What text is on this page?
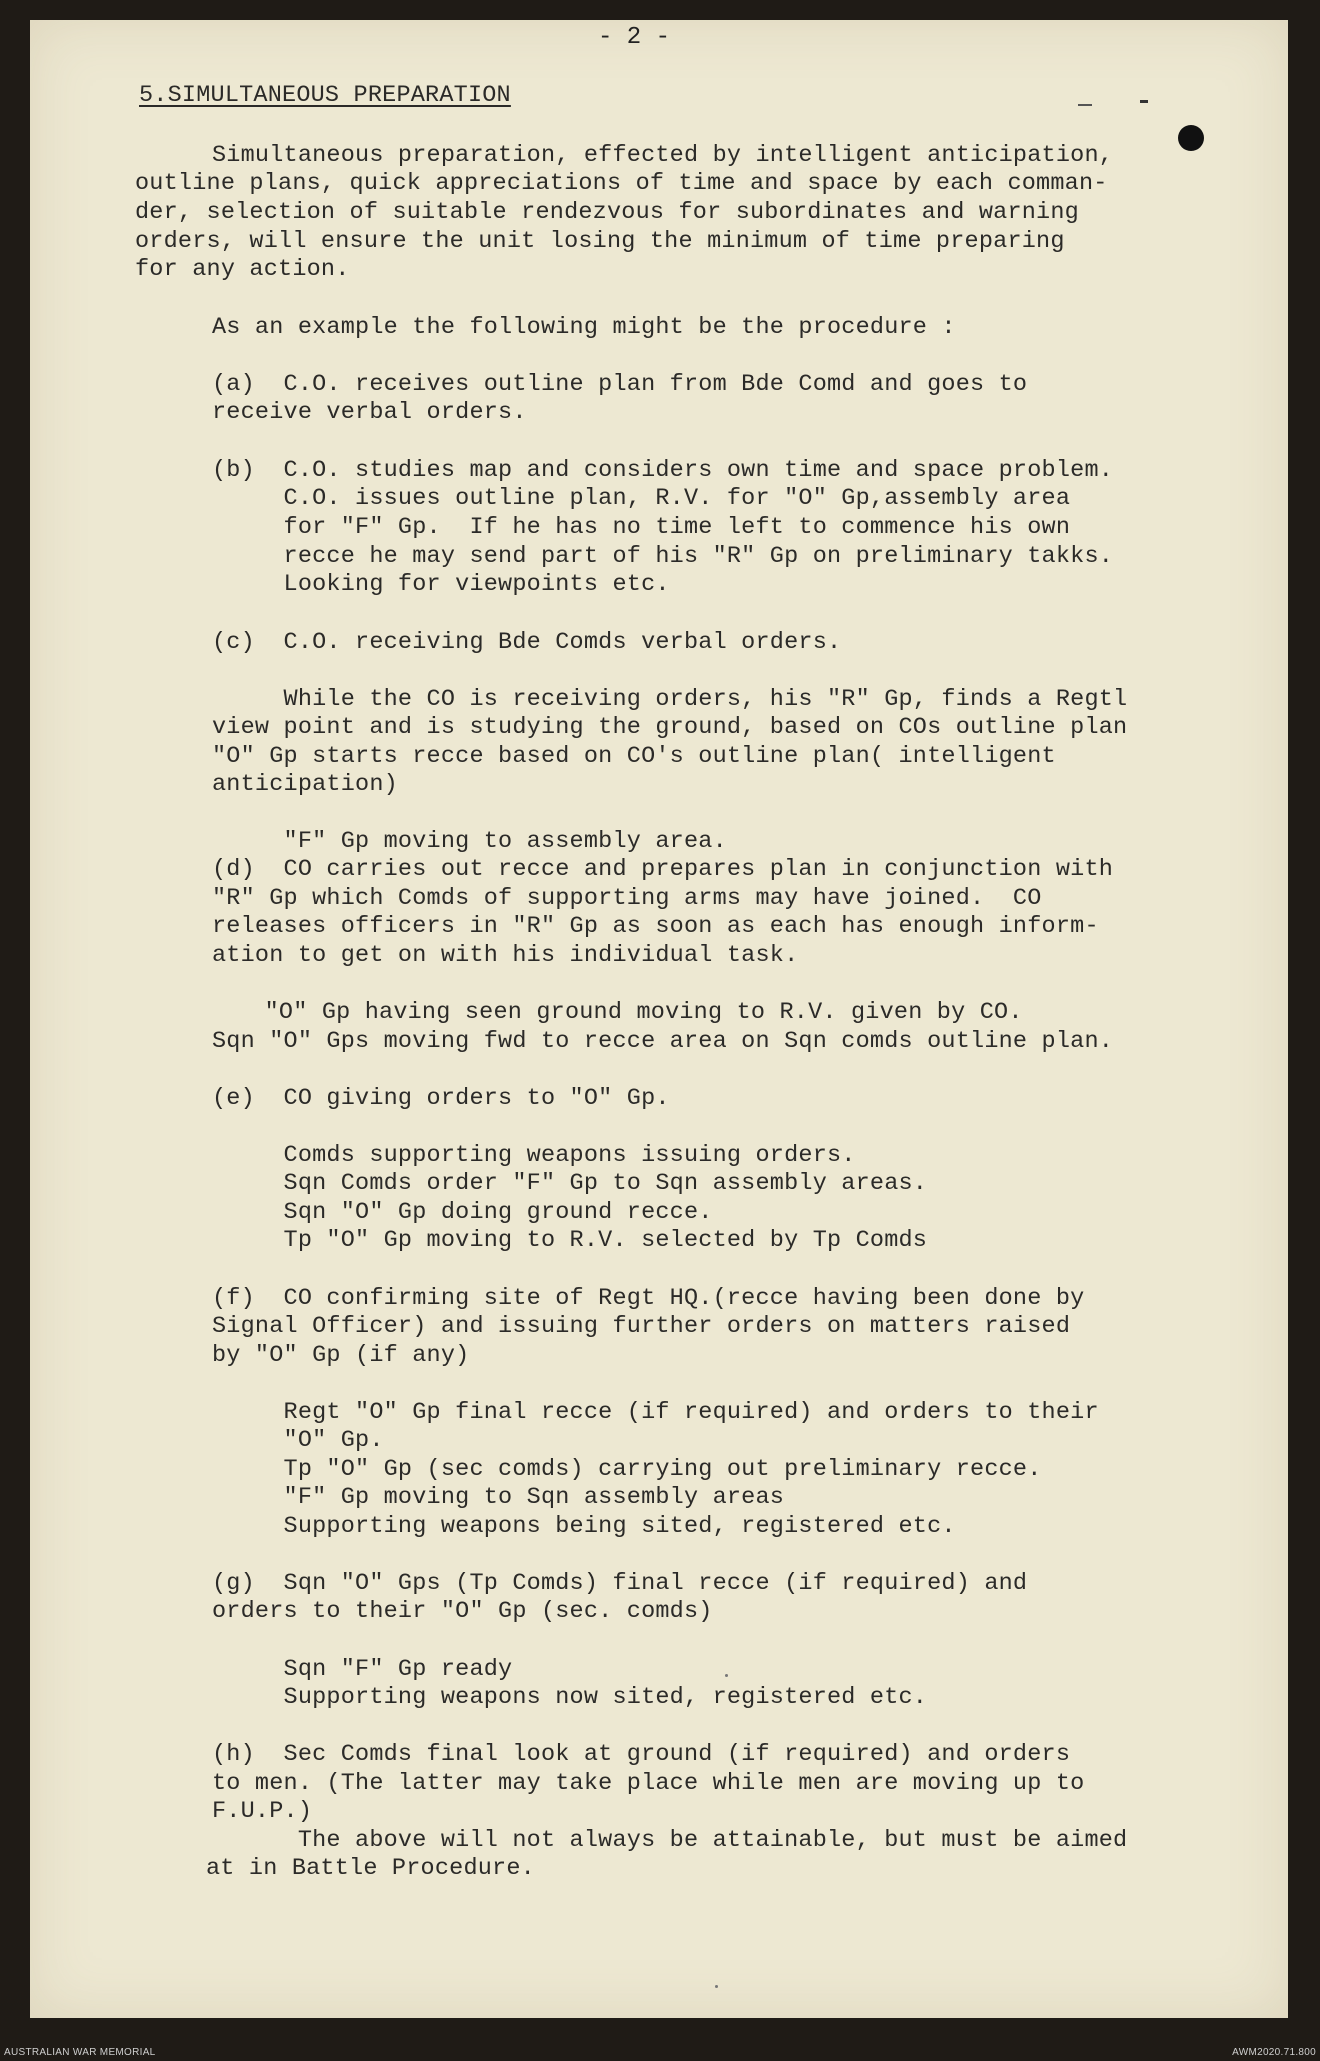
- 2 -
5.SIMULTANEOUS PREPARATION
Simultaneous preparation, effected by intelligent anticipation,
outline plans, quick appreciations of time and space by each comman-
der, selection of suitable rendezvous for subordinates and warning
orders, will ensure the unit losing the minimum of time preparing
for any action.
As an example the following might be the procedure :
(a)  C.O. receives outline plan from Bde Comd and goes to
receive verbal orders.
(b)  C.O. studies map and considers own time and space problem.
C.O. issues outline plan, R.V. for "O" Gp,assembly area
for "F" Gp.  If he has no time left to commence his own
recce he may send part of his "R" Gp on preliminary takks.
Looking for viewpoints etc.
(c)  C.O. receiving Bde Comds verbal orders.
While the CO is receiving orders, his "R" Gp, finds a Regtl
view point and is studying the ground, based on COs outline plan
"O" Gp starts recce based on CO's outline plan( intelligent
anticipation)
"F" Gp moving to assembly area.
(d)  CO carries out recce and prepares plan in conjunction with
"R" Gp which Comds of supporting arms may have joined.  CO
releases officers in "R" Gp as soon as each has enough inform-
ation to get on with his individual task.
"O" Gp having seen ground moving to R.V. given by CO.
Sqn "O" Gps moving fwd to recce area on Sqn comds outline plan.
(e)  CO giving orders to "O" Gp.
Comds supporting weapons issuing orders.
Sqn Comds order "F" Gp to Sqn assembly areas.
Sqn "O" Gp doing ground recce.
Tp "O" Gp moving to R.V. selected by Tp Comds
(f)  CO confirming site of Regt HQ.(recce having been done by
Signal Officer) and issuing further orders on matters raised
by "O" Gp (if any)
Regt "O" Gp final recce (if required) and orders to their
"O" Gp.
Tp "O" Gp (sec comds) carrying out preliminary recce.
"F" Gp moving to Sqn assembly areas
Supporting weapons being sited, registered etc.
(g)  Sqn "O" Gps (Tp Comds) final recce (if required) and
orders to their "O" Gp (sec. comds)
Sqn "F" Gp ready
Supporting weapons now sited, registered etc.
(h)  Sec Comds final look at ground (if required) and orders
to men. (The latter may take place while men are moving up to
F.U.P.)
The above will not always be attainable, but must be aimed
at in Battle Procedure.
AUSTRALIAN WAR MEMORIAL	AWM2020.71.800
